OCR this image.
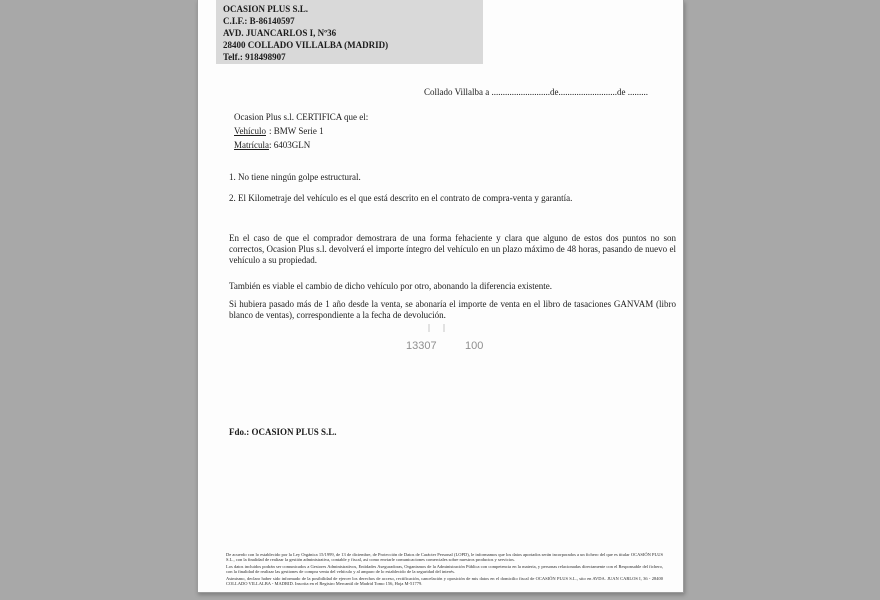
OCASION PLUS S.L.
C.I.F.: B-86140597
AVD. JUANCARLOS I, Nº36
28400 COLLADO VILLALBA (MADRID)
Telf.: 918498907
Collado Villalba a ..........................de..........................de .........
Ocasion Plus s.l. CERTIFICA que el:
Vehículo : BMW Serie 1
Matrícula: 6403GLN
1. No tiene ningún golpe estructural.
2. El Kilometraje del vehículo es el que está descrito en el contrato de compra-venta y garantía.
En el caso de que el comprador demostrara de una forma fehaciente y clara que alguno de estos dos puntos no son correctos, Ocasion Plus s.l. devolverá el importe íntegro del vehículo en un plazo máximo de 48 horas, pasando de nuevo el vehículo a su propiedad.
También es viable el cambio de dicho vehículo por otro, abonando la diferencia existente.
Si hubiera pasado más de 1 año desde la venta, se abonaría el importe de venta en el libro de tasaciones GANVAM (libro blanco de ventas), correspondiente a la fecha de devolución.
13307	100
Fdo.: OCASION PLUS S.L.

De acuerdo con lo establecido por la Ley Orgánica 15/1999, de 13 de diciembre, de Protección de Datos de Carácter Personal (LOPD), le informamos que los datos aportados serán incorporados a un fichero del que es titular OCASIÓN PLUS S.L., con la finalidad de realizar la gestión administrativa, contable y fiscal, así como enviarle comunicaciones comerciales sobre nuestros productos y servicios.

Los datos incluidos podrán ser comunicados a Gestores Administrativos, Entidades Aseguradoras, Organismos de la Administración Pública con competencia en la materia, y personas relacionadas directamente con el Responsable del fichero, con la finalidad de realizar las gestiones de compra venta del vehículo y al amparo de lo establecido de la seguridad del interés.

Asimismo, declaro haber sido informado de la posibilidad de ejercer los derechos de acceso, rectificación, cancelación y oposición de mis datos en el domicilio fiscal de OCASIÓN PLUS S.L., sito en AVDA. JUAN CARLOS I, 36 - 28400 COLLADO VILLALBA - MADRID. Inscrita en el Registro Mercantil de Madrid Tomo 156, Hoja M-51779.
